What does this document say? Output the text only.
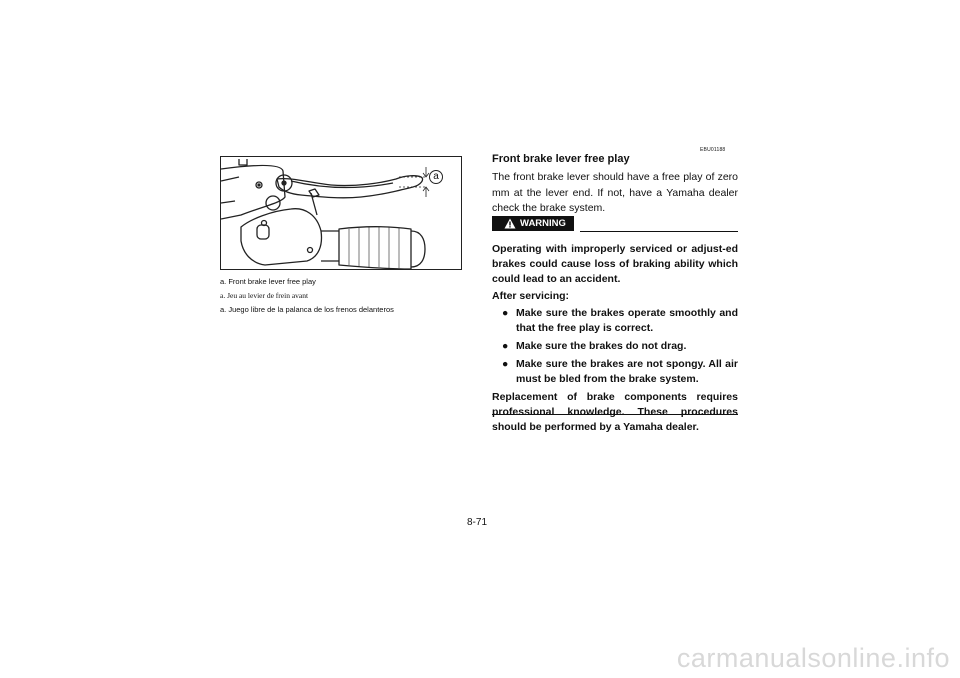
a
a. Front brake lever free play
a. Jeu au levier de frein avant
a. Juego libre de la palanca de los frenos delanteros
EBU01188
Front brake lever free play
The front brake lever should have a free play of zero mm at the lever end. If not, have a Yamaha dealer check the brake system.
WARNING

Operating with improperly serviced or adjust-ed brakes could cause loss of braking ability which could lead to an accident.

After servicing:

● Make sure the brakes operate smoothly and that the free play is correct.
● Make sure the brakes do not drag.
● Make sure the brakes are not spongy. All air must be bled from the brake system.

Replacement of brake components requires professional knowledge. These procedures should be performed by a Yamaha dealer.

8-71
carmanualsonline.info
